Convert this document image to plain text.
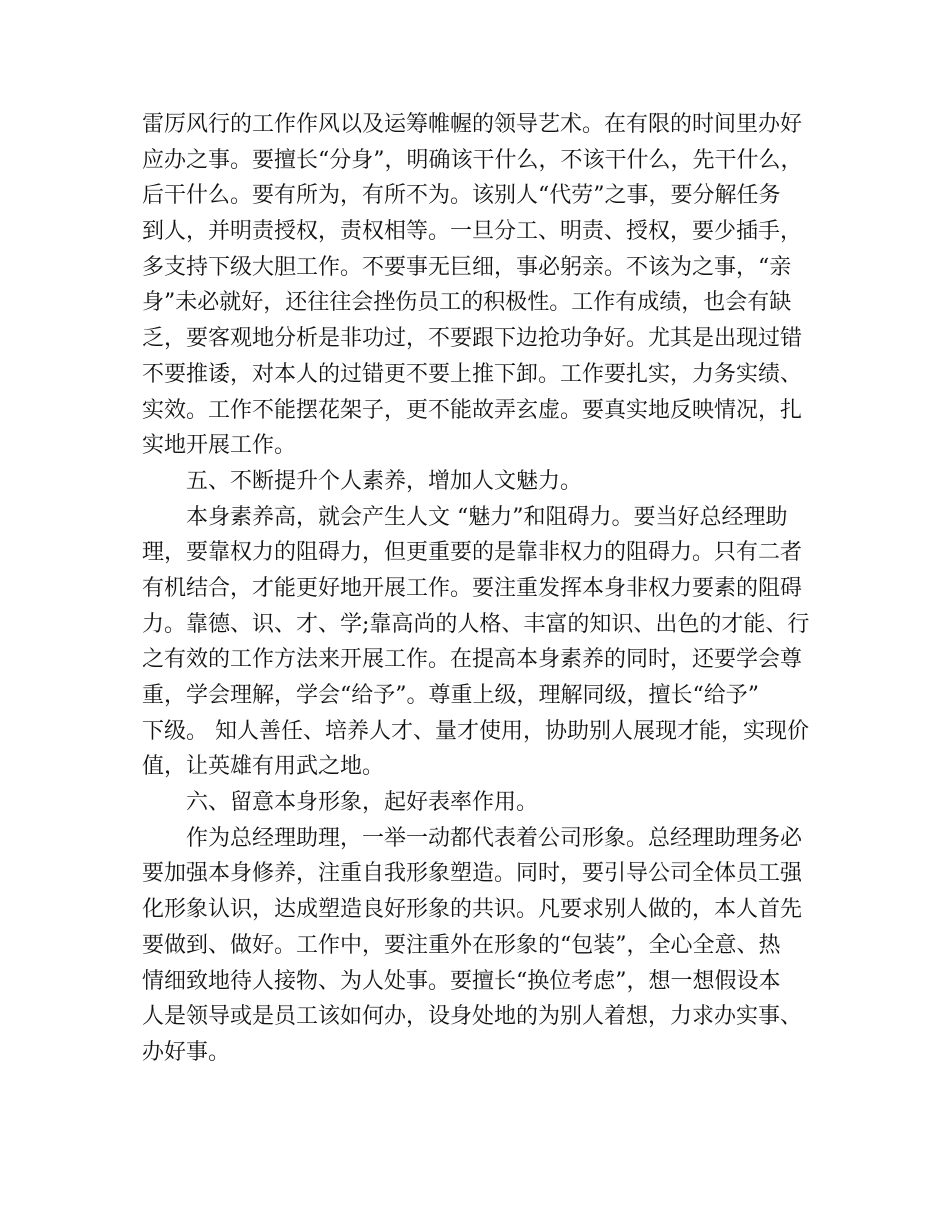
雷厉风行的工作作风以及运筹帷幄的领导艺术。在有限的时间里办好
应办之事。要擅长“分身”，明确该干什么，不该干什么，先干什么，
后干什么。要有所为，有所不为。该别人“代劳”之事，要分解任务
到人，并明责授权，责权相等。一旦分工、明责、授权，要少插手，
多支持下级大胆工作。不要事无巨细，事必躬亲。不该为之事，“亲
身”未必就好，还往往会挫伤员工的积极性。工作有成绩，也会有缺
乏，要客观地分析是非功过，不要跟下边抢功争好。尤其是出现过错
不要推诿，对本人的过错更不要上推下卸。工作要扎实，力务实绩、
实效。工作不能摆花架子，更不能故弄玄虚。要真实地反映情况，扎
实地开展工作。
五、不断提升个人素养，增加人文魅力。
本身素养高，就会产生人文 “魅力”和阻碍力。要当好总经理助
理，要靠权力的阻碍力，但更重要的是靠非权力的阻碍力。只有二者
有机结合，才能更好地开展工作。要注重发挥本身非权力要素的阻碍
力。靠德、识、才、学;靠高尚的人格、丰富的知识、出色的才能、行
之有效的工作方法来开展工作。在提高本身素养的同时，还要学会尊
重，学会理解，学会“给予”。尊重上级，理解同级，擅长“给予”
下级。 知人善任、培养人才、量才使用，协助别人展现才能，实现价
值，让英雄有用武之地。
六、留意本身形象，起好表率作用。
作为总经理助理，一举一动都代表着公司形象。总经理助理务必
要加强本身修养，注重自我形象塑造。同时，要引导公司全体员工强
化形象认识，达成塑造良好形象的共识。凡要求别人做的，本人首先
要做到、做好。工作中，要注重外在形象的“包装”，全心全意、热
情细致地待人接物、为人处事。要擅长“换位考虑”，想一想假设本
人是领导或是员工该如何办，设身处地的为别人着想，力求办实事、
办好事。
